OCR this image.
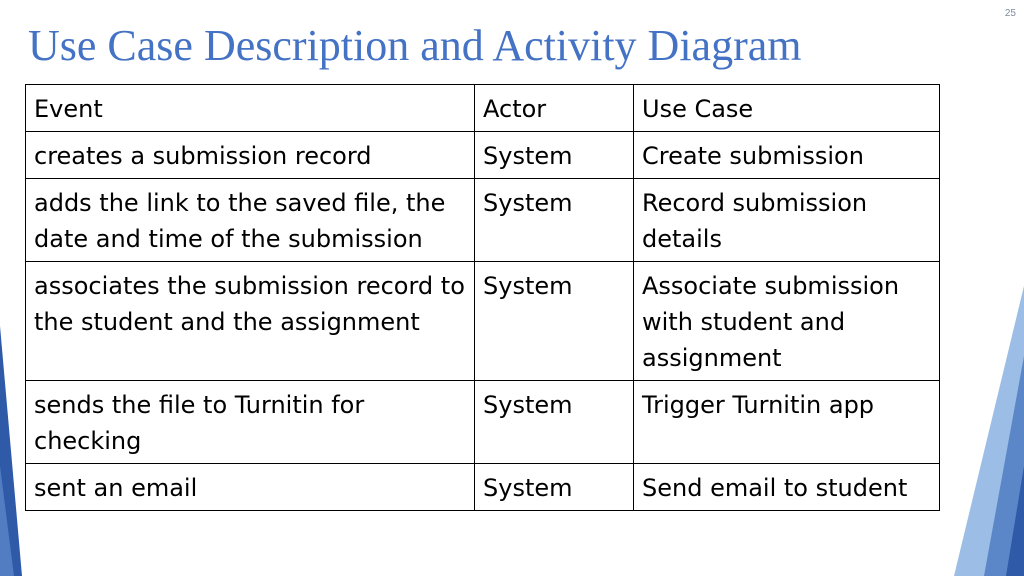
Use Case Description and Activity Diagram
25
Event	Actor	Use Case
creates a submission record	System	Create submission
adds the link to the saved file, the date and time of the submission	System	Record submission details
associates the submission record to the student and the assignment	System	Associate submission with student and assignment
sends the file to Turnitin for checking	System	Trigger Turnitin app
sent an email	System	Send email to student
